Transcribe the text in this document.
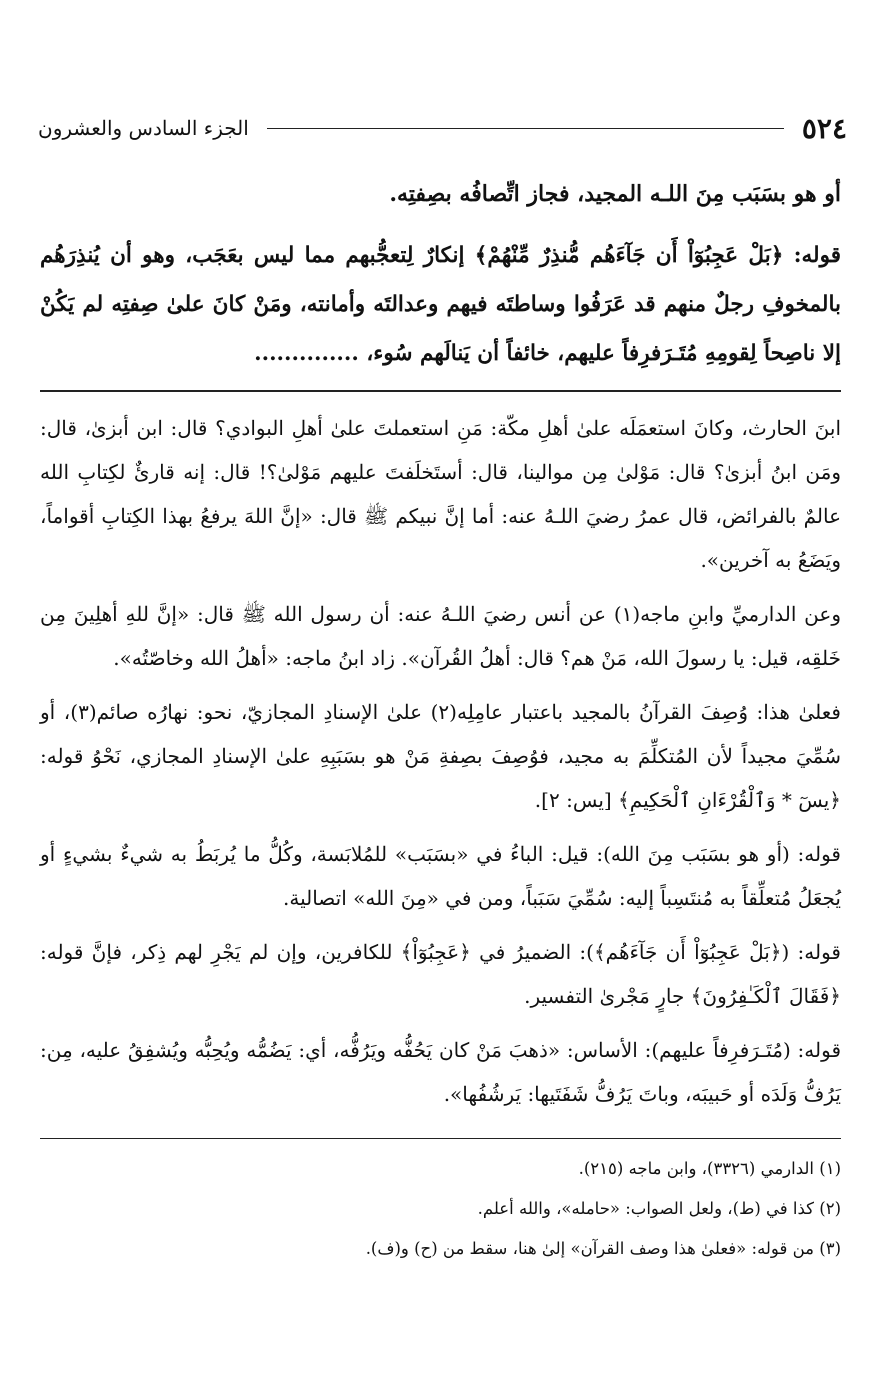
٥٢٤
الجزء السادس والعشرون

أو هو بسَبَب مِنَ اللـه المجيد، فجاز اتِّصافُه بصِفتِه.

قوله: ﴿بَلْ عَجِبُوٓاْ أَن جَآءَهُم مُّنذِرٌ مِّنْهُمْ﴾ إنكارٌ لِتعجُّبهم مما ليس بعَجَب، وهو أن يُنذِرَهُم بالمخوفِ رجلٌ منهم قد عَرَفُوا وساطتَه فيهم وعدالتَه وأمانته، ومَنْ كانَ علىٰ صِفتِه لم يَكُنْ إلا ناصِحاً لِقومِهِ مُتَـرَفرِفاً عليهم، خائفاً أن يَنالَهم سُوء، ..............

ابنَ الحارث، وكانَ استعمَلَه علىٰ أهلِ مكّة: مَنِ استعملتَ علىٰ أهلِ البوادي؟ قال: ابن أبزىٰ، قال: ومَن ابنُ أبزىٰ؟ قال: مَوْلىٰ مِن موالينا، قال: أستَخلَفتَ عليهم مَوْلىٰ؟! قال: إنه قارئٌ لكِتابِ الله عالمٌ بالفرائض، قال عمرُ رضيَ اللـهُ عنه: أما إنَّ نبيكم ﷺ قال: «إنَّ اللهَ يرفعُ بهذا الكِتابِ أقواماً، ويَضَعُ به آخرين».

وعن الدارميِّ وابنِ ماجه(١) عن أنس رضيَ اللـهُ عنه: أن رسول الله ﷺ قال: «إنَّ للهِ أهلِينَ مِن خَلقِه، قيل: يا رسولَ الله، مَنْ هم؟ قال: أهلُ القُرآن». زاد ابنُ ماجه: «أهلُ الله وخاصّتُه».

فعلىٰ هذا: وُصِفَ القرآنُ بالمجيد باعتبار عامِلِه(٢) علىٰ الإسنادِ المجازيّ، نحو: نهارُه صائم(٣)، أو سُمِّيَ مجيداً لأن المُتكلِّمَ به مجيد، فوُصِفَ بصِفةِ مَنْ هو بسَبَبِهِ علىٰ الإسنادِ المجازي، نَحْوُ قوله: ﴿يسٓ * وَٱلْقُرْءَانِ ٱلْحَكِيمِ﴾ [يس: ٢].

قوله: (أو هو بسَبَب مِنَ الله): قيل: الباءُ في «بسَبَب» للمُلابَسة، وكُلُّ ما يُربَطُ به شيءٌ بشيءٍ أو يُجعَلُ مُتعلِّقاً به مُنتَسِباً إليه: سُمِّيَ سَبَباً، ومن في «مِنَ الله» اتصالية.

قوله: (﴿بَلْ عَجِبُوٓاْ أَن جَآءَهُم﴾): الضميرُ في ﴿عَجِبُوٓاْ﴾ للكافرين، وإن لم يَجْرِ لهم ذِكر، فإنَّ قوله: ﴿فَقَالَ ٱلْكَـٰفِرُونَ﴾ جارٍ مَجْرىٰ التفسير.

قوله: (مُتَـرَفرِفاً عليهم): الأساس: «ذهبَ مَنْ كان يَحُفُّه ويَرُفُّه، أي: يَضُمُّه ويُحِبُّه ويُشفِقُ عليه، مِن: يَرُفُّ وَلَدَه أو حَبيبَه، وباتَ يَرُفُّ شَفَتَيها: يَرشُفُها».

(١) الدارمي (٣٣٢٦)، وابن ماجه (٢١٥).

(٢) كذا في (ط)، ولعل الصواب: «حامله»، والله أعلم.

(٣) من قوله: «فعلىٰ هذا وصف القرآن» إلىٰ هنا، سقط من (ح) و(ف).
